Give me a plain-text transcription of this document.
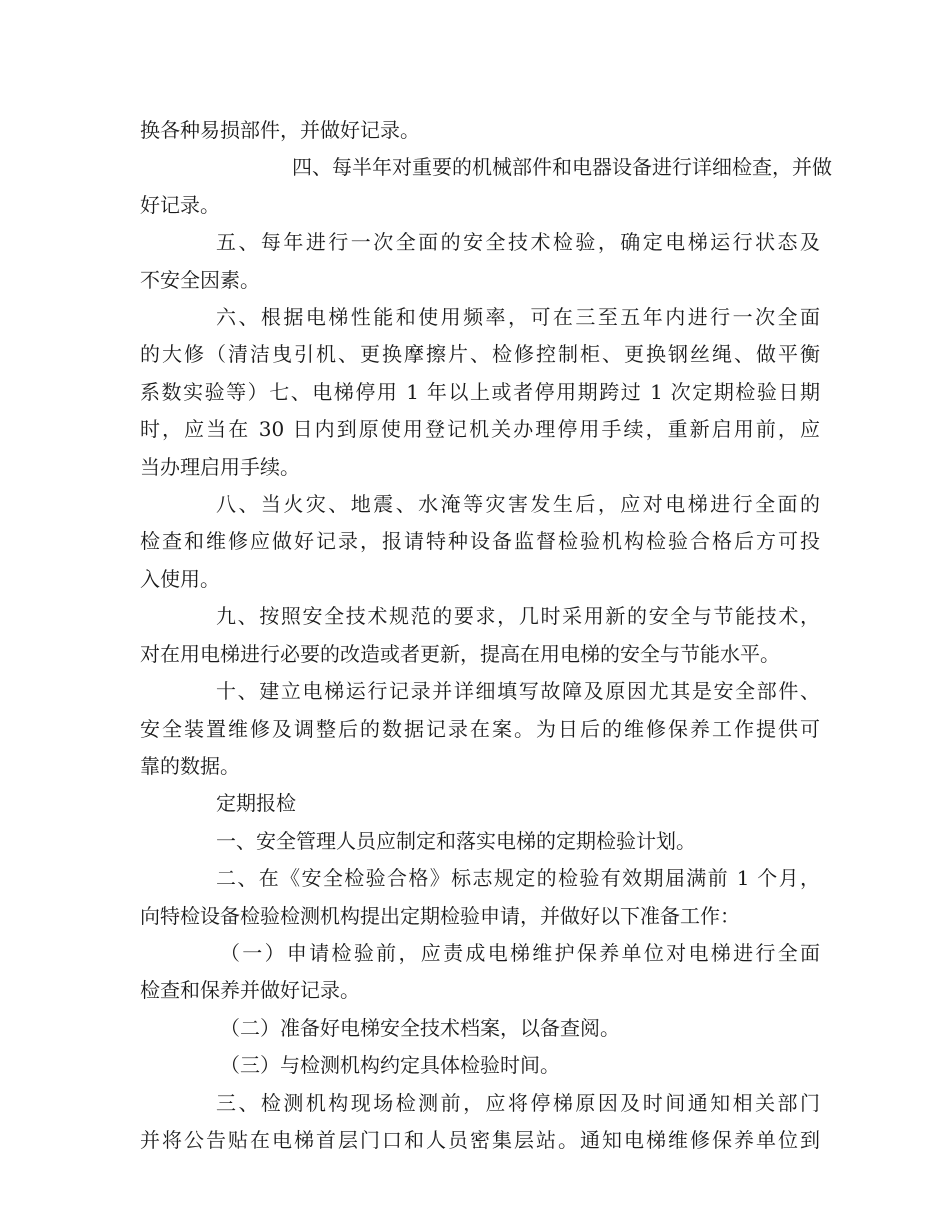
换各种易损部件，并做好记录。

四、每半年对重要的机械部件和电器设备进行详细检查，并做
好记录。

五、每年进行一次全面的安全技术检验，确定电梯运行状态及
不安全因素。

六、根据电梯性能和使用频率，可在三至五年内进行一次全面
的大修（清洁曳引机、更换摩擦片、检修控制柜、更换钢丝绳、做平衡
系数实验等）七、电梯停用 1 年以上或者停用期跨过 1 次定期检验日期
时，应当在 30 日内到原使用登记机关办理停用手续，重新启用前，应
当办理启用手续。

八、当火灾、地震、水淹等灾害发生后，应对电梯进行全面的
检查和维修应做好记录，报请特种设备监督检验机构检验合格后方可投
入使用。

九、按照安全技术规范的要求，几时采用新的安全与节能技术，
对在用电梯进行必要的改造或者更新，提高在用电梯的安全与节能水平。

十、建立电梯运行记录并详细填写故障及原因尤其是安全部件、
安全装置维修及调整后的数据记录在案。为日后的维修保养工作提供可
靠的数据。

定期报检

一、安全管理人员应制定和落实电梯的定期检验计划。

二、在《安全检验合格》标志规定的检验有效期届满前 1 个月，
向特检设备检验检测机构提出定期检验申请，并做好以下准备工作：

（一）申请检验前，应责成电梯维护保养单位对电梯进行全面
检查和保养并做好记录。

（二）准备好电梯安全技术档案，以备查阅。

（三）与检测机构约定具体检验时间。

三、检测机构现场检测前，应将停梯原因及时间通知相关部门
并将公告贴在电梯首层门口和人员密集层站。通知电梯维修保养单位到
